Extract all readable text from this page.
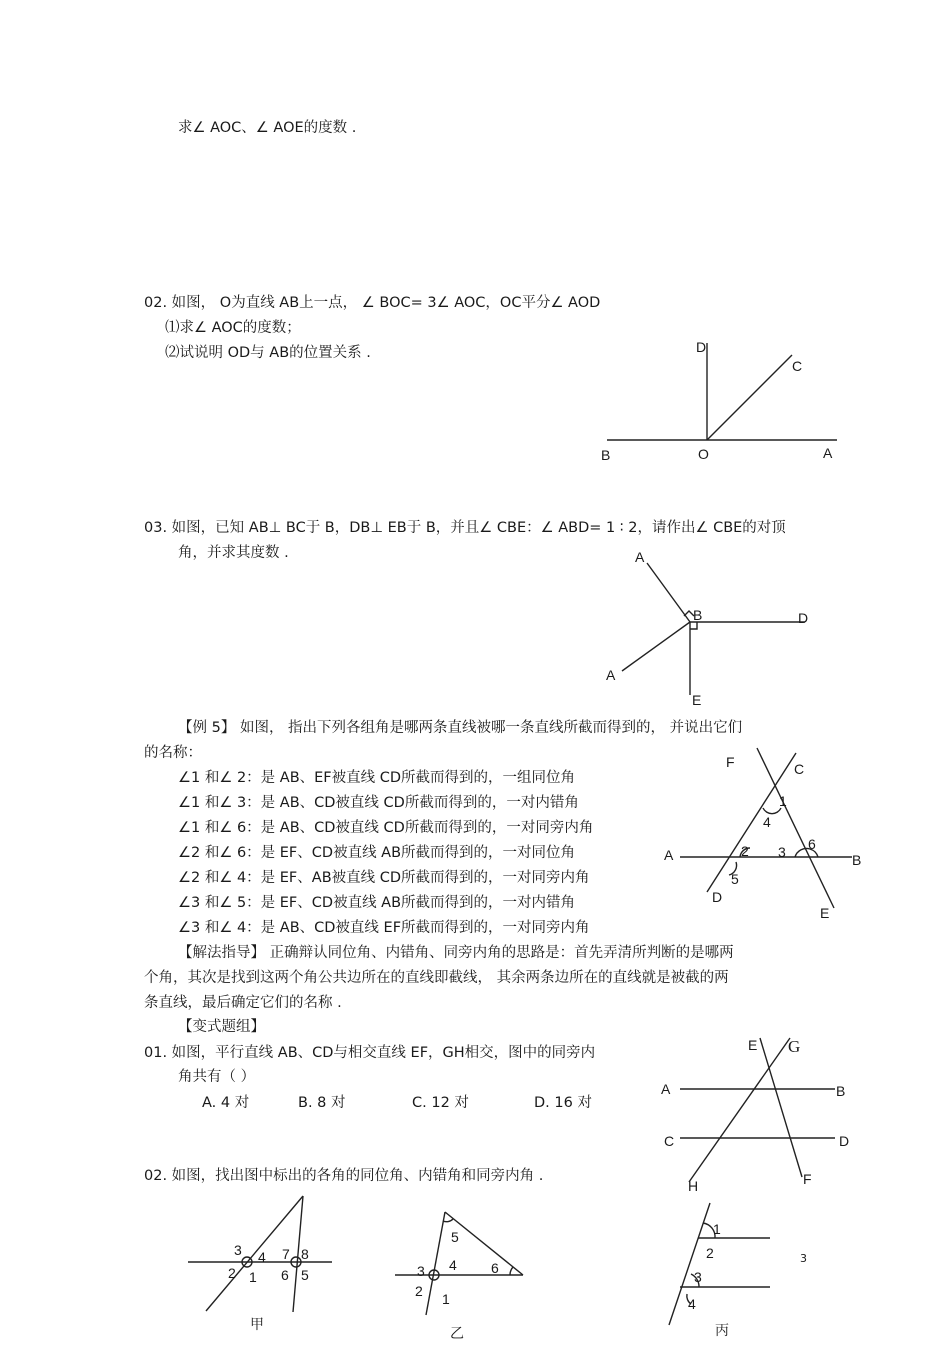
求∠ AOC、∠ AOE的度数 .
02. 如图， O为直线 AB上一点， ∠ BOC= 3∠ AOC，OC平分∠ AOD
⑴求∠ AOC的度数；
⑵试说明 OD与 AB的位置关系 .	D
C
B	O	A
03. 如图，已知 AB⊥ BC于 B，DB⊥ EB于 B，并且∠ CBE：∠ ABD= 1 ∶ 2，请作出∠ CBE的对顶
角，并求其度数 .	A
B	D
A
E
【例 5】 如图， 指出下列各组角是哪两条直线被哪一条直线所截而得到的， 并说出它们
的名称：
∠1 和∠ 2：是 AB、EF被直线 CD所截而得到的，一组同位角
∠1 和∠ 3：是 AB、CD被直线 CD所截而得到的，一对内错角
∠1 和∠ 6：是 AB、CD被直线 CD所截而得到的，一对同旁内角
∠2 和∠ 6：是 EF、CD被直线 AB所截而得到的，一对同位角
∠2 和∠ 4：是 EF、AB被直线 CD所截而得到的，一对同旁内角
∠3 和∠ 5：是 EF、CD被直线 AB所截而得到的，一对内错角
∠3 和∠ 4：是 AB、CD被直线 EF所截而得到的，一对同旁内角
【解法指导】 正确辩认同位角、内错角、同旁内角的思路是：首先弄清所判断的是哪两
个角，其次是找到这两个角公共边所在的直线即截线， 其余两条边所在的直线就是被截的两
条直线，最后确定它们的名称 .
F	C
1
4
A	2 3 6
B
5
D
E
【变式题组】
01. 如图，平行直线 AB、CD与相交直线 EF，GH相交，图中的同旁内
角共有（ ）
A. 4 对	B. 8 对	C. 12 对	D. 16 对
E G
A	B
C	D
H	F
02. 如图，找出图中标出的各角的同位角、内错角和同旁内角 .
3 4 7 8
2 1 6 5
甲
5
3 4 6
2 1
乙
1
2
3
4
丙
3
